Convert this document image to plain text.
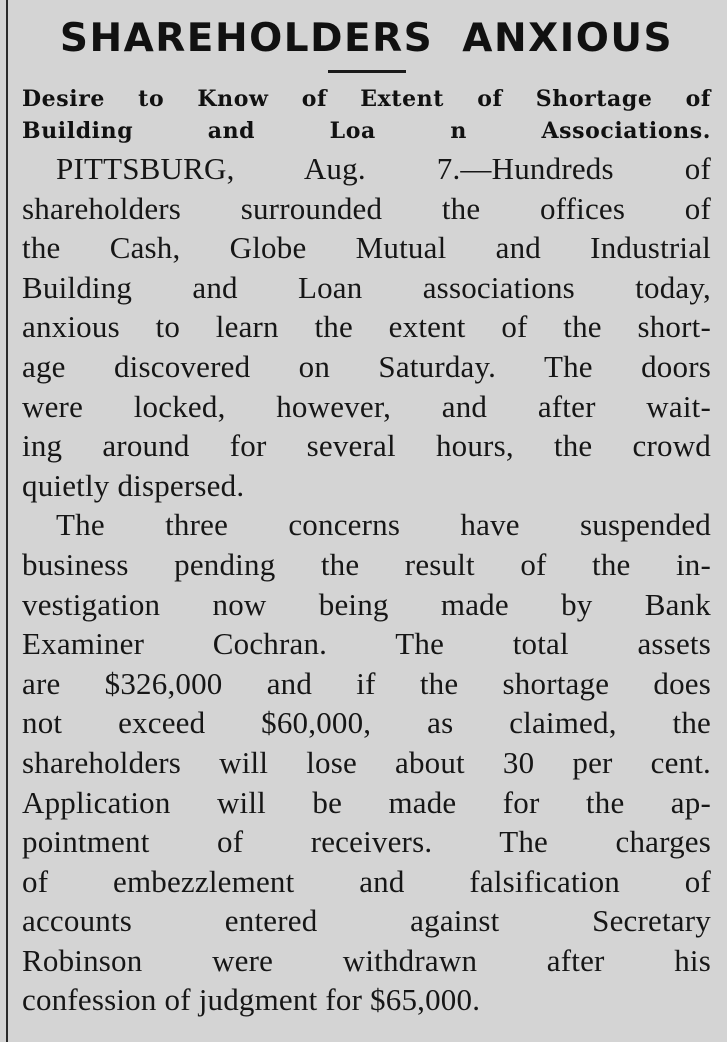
SHAREHOLDERS ANXIOUS
Desire to Know of Extent of Shortage of
Building and Loa n Associations.
PITTSBURG, Aug. 7.—Hundreds of
shareholders surrounded the offices of
the Cash, Globe Mutual and Industrial
Building and Loan associations today,
anxious to learn the extent of the short-
age discovered on Saturday. The doors
were locked, however, and after wait-
ing around for several hours, the crowd
quietly dispersed.
The three concerns have suspended
business pending the result of the in-
vestigation now being made by Bank
Examiner Cochran. The total assets
are $326,000 and if the shortage does
not exceed $60,000, as claimed, the
shareholders will lose about 30 per cent.
Application will be made for the ap-
pointment of receivers. The charges
of embezzlement and falsification of
accounts entered against Secretary
Robinson were withdrawn after his
confession of judgment for $65,000.
